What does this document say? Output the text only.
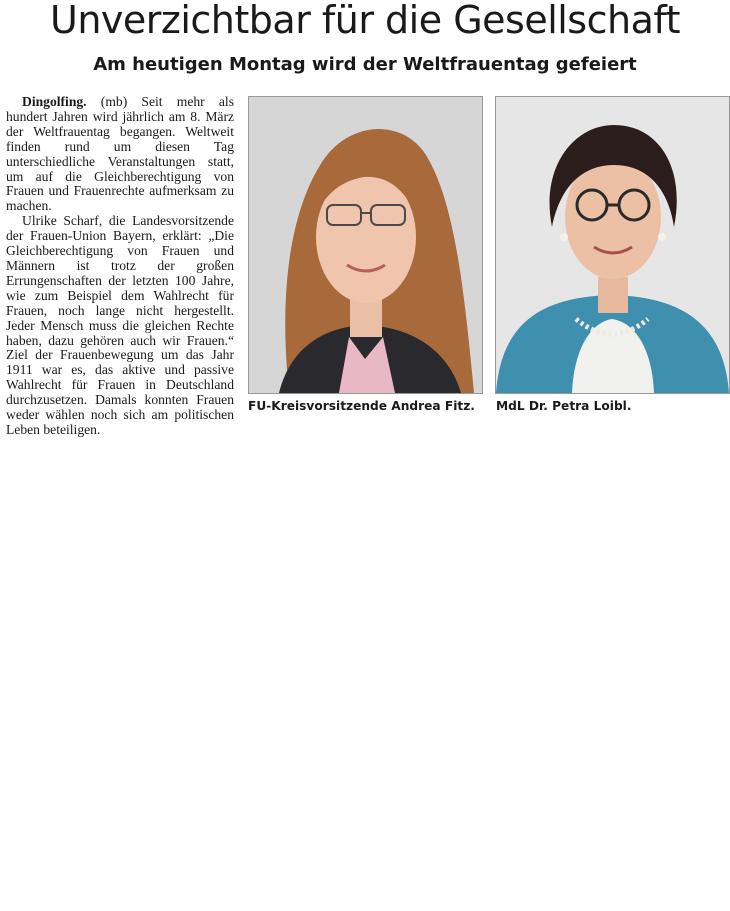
Unverzichtbar für die Gesellschaft
Am heutigen Montag wird der Weltfrauentag gefeiert

Dingolfing. (mb) Seit mehr als hundert Jahren wird jährlich am 8. März der Weltfrauentag begangen. Weltweit finden rund um diesen Tag unterschiedliche Veranstaltungen statt, um auf die Gleichberechtigung von Frauen und Frauenrechte aufmerksam zu machen.

Ulrike Scharf, die Landesvorsitzende der Frauen-Union Bayern, erklärt: „Die Gleichberechtigung von Frauen und Männern ist trotz der großen Errungenschaften der letzten 100 Jahre, wie zum Beispiel dem Wahlrecht für Frauen, noch lange nicht hergestellt. Jeder Mensch muss die gleichen Rechte haben, dazu gehören auch wir Frauen.“ Ziel der Frauenbewegung um das Jahr 1911 war es, das aktive und passive Wahlrecht für Frauen in Deutschland durchzusetzen. Damals konnten Frauen weder wählen noch sich am politischen Leben beteiligen.

FU-Kreisvorsitzende Andrea Fitz. MdL Dr. Petra Loibl.
